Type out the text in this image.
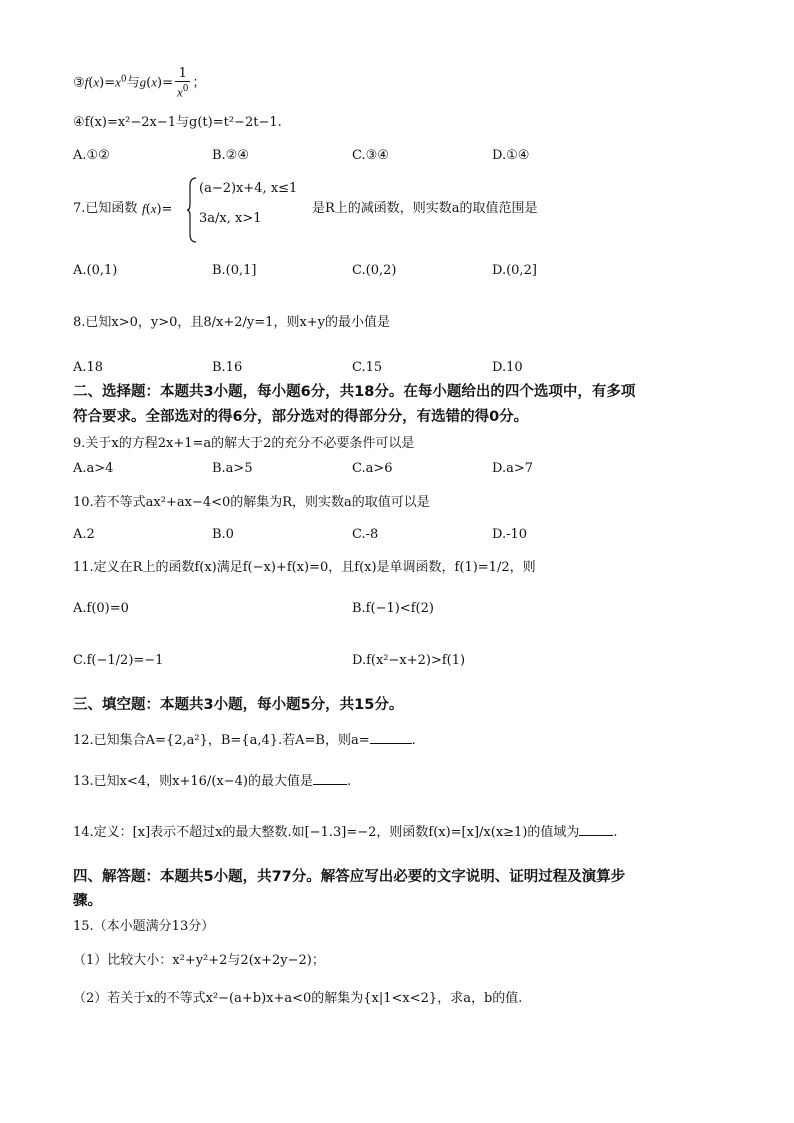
$③f(x)=x^0$与$g(x)= \frac{1}{x^0}$ ；
④f(x)=x²−2x−1与g(t)=t²−2t−1.
A.①②	B.②④	C.③④	D.①④
7.已知函数 f(x)=
(a−2)x+4, x≤1
3a/x, x>1
是R上的减函数，则实数a的取值范围是
A.(0,1)	B.(0,1]	C.(0,2)	D.(0,2]
8.已知x>0，y>0，且8/x+2/y=1，则x+y的最小值是
A.18	B.16	C.15	D.10
二、选择题：本题共3小题，每小题6分，共18分。在每小题给出的四个选项中，有多项
符合要求。全部选对的得6分，部分选对的得部分分，有选错的得0分。
9.关于x的方程2x+1=a的解大于2的充分不必要条件可以是
A.a>4	B.a>5	C.a>6	D.a>7
10.若不等式ax²+ax−4<0的解集为R，则实数a的取值可以是
A.2	B.0	C.-8	D.-10
11.定义在R上的函数f(x)满足f(−x)+f(x)=0，且f(x)是单调函数，f(1)=1/2，则
A.f(0)=0	B.f(−1)<f(2)
C.f(−1/2)=−1	D.f(x²−x+2)>f(1)
三、填空题：本题共3小题，每小题5分，共15分。
12.已知集合A={2,a²}，B={a,4}.若A=B，则a=	.
13.已知x<4，则x+16/(x−4)的最大值是	.
14.定义：[x]表示不超过x的最大整数.如[−1.3]=−2，则函数f(x)=[x]/x(x≥1)的值域为	.
四、解答题：本题共5小题，共77分。解答应写出必要的文字说明、证明过程及演算步
骤。
15.（本小题满分13分）
（1）比较大小：x²+y²+2与2(x+2y−2)；
（2）若关于x的不等式x²−(a+b)x+a<0的解集为{x|1<x<2}，求a，b的值.
